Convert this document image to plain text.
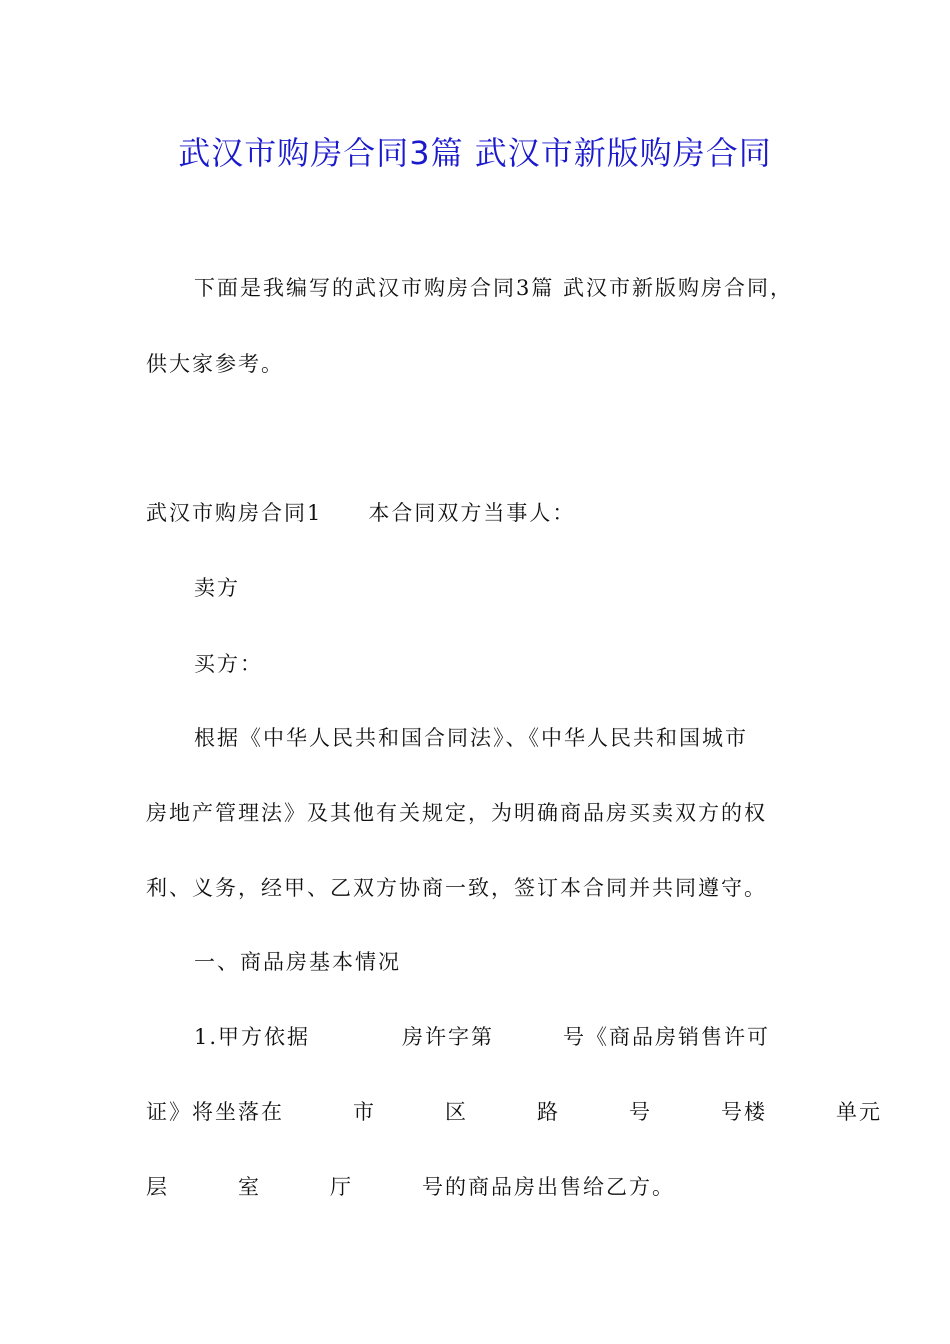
武汉市购房合同3篇 武汉市新版购房合同
下面是我编写的武汉市购房合同3篇 武汉市新版购房合同，
供大家参考。
武汉市购房合同1　　本合同双方当事人：
卖方
买方：
根据《中华人民共和国合同法》、《中华人民共和国城市
房地产管理法》及其他有关规定，为明确商品房买卖双方的权
利、义务，经甲、乙双方协商一致，签订本合同并共同遵守。
一、商品房基本情况
1.甲方依据　　　　房许字第　　　号《商品房销售许可
证》将坐落在　　　市　　　区　　　路　　　号　　　号楼　　　单元
层　　　室　　　厅　　　号的商品房出售给乙方。
